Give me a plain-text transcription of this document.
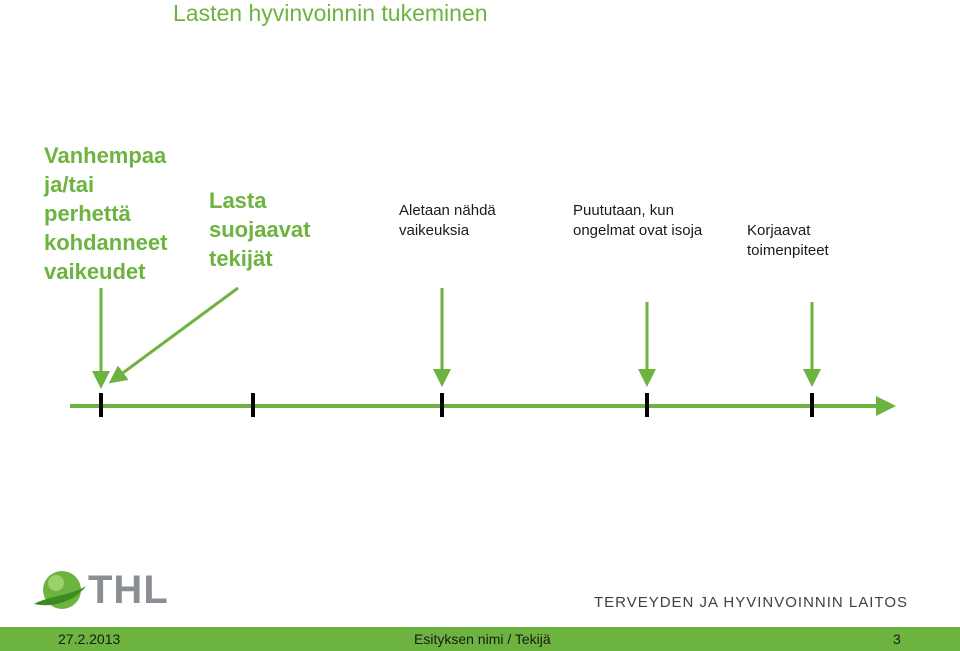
Lasten hyvinvoinnin tukeminen
Vanhempaa
ja/tai
perhettä
kohdanneet
vaikeudet
Lasta
suojaavat
tekijät
Aletaan nähdä
vaikeuksia
Puututaan, kun
ongelmat ovat isoja	Korjaavat
toimenpiteet
THL	TERVEYDEN JA HYVINVOINNIN LAITOS
27.2.2013	Esityksen nimi / Tekijä	3
